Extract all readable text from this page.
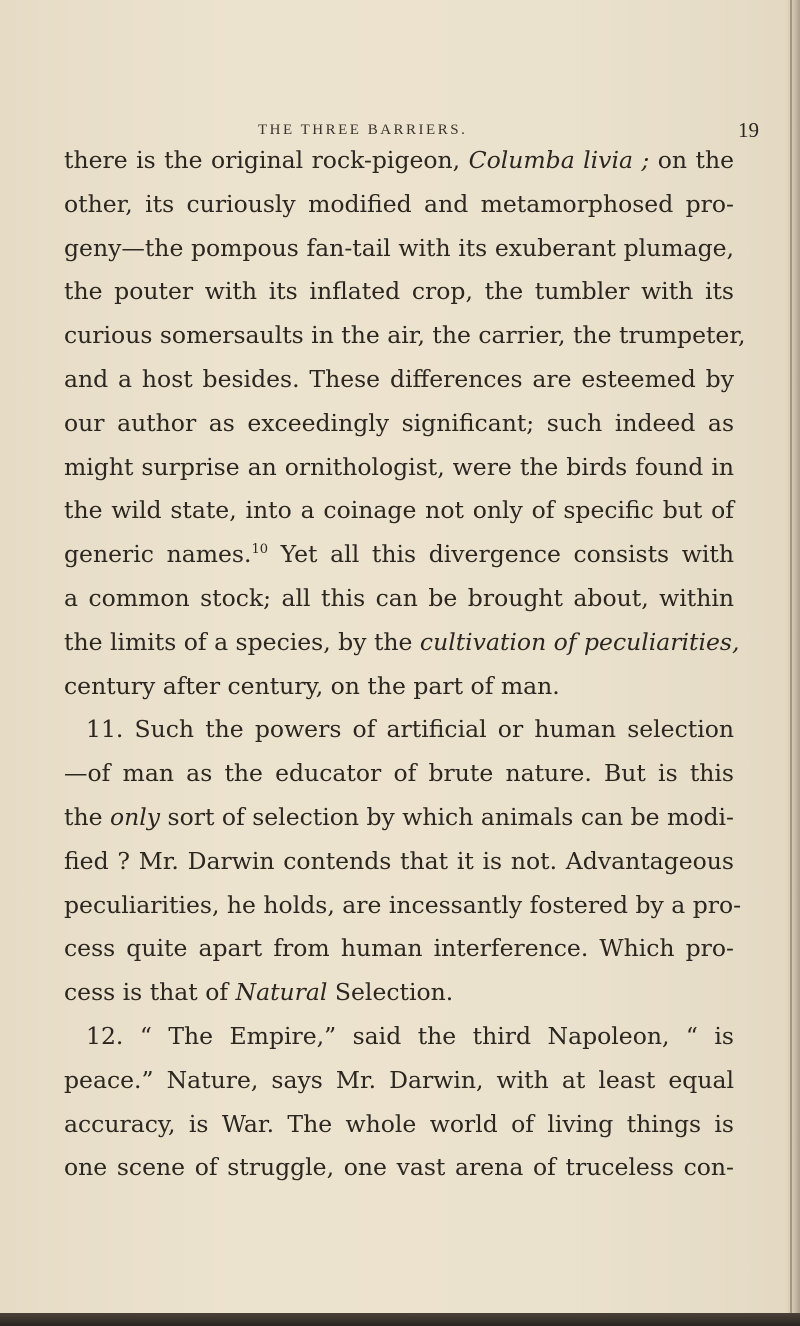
THE THREE BARRIERS.	19
there is the original rock-pigeon, Columba livia ; on the
other, its curiously modified and metamorphosed pro-
geny—the pompous fan-tail with its exuberant plumage,
the pouter with its inflated crop, the tumbler with its
curious somersaults in the air, the carrier, the trumpeter,
and a host besides. These differences are esteemed by
our author as exceedingly significant; such indeed as
might surprise an ornithologist, were the birds found in
the wild state, into a coinage not only of specific but of
generic names.$^{10}$ Yet all this divergence consists with
a common stock; all this can be brought about, within
the limits of a species, by the cultivation of peculiarities,
century after century, on the part of man.
11. Such the powers of artificial or human selection
—of man as the educator of brute nature. But is this
the only sort of selection by which animals can be modi-
fied ? Mr. Darwin contends that it is not. Advantageous
peculiarities, he holds, are incessantly fostered by a pro-
cess quite apart from human interference. Which pro-
cess is that of Natural Selection.
12. “ The Empire,” said the third Napoleon, “ is
peace.” Nature, says Mr. Darwin, with at least equal
accuracy, is War. The whole world of living things is
one scene of struggle, one vast arena of truceless con-
